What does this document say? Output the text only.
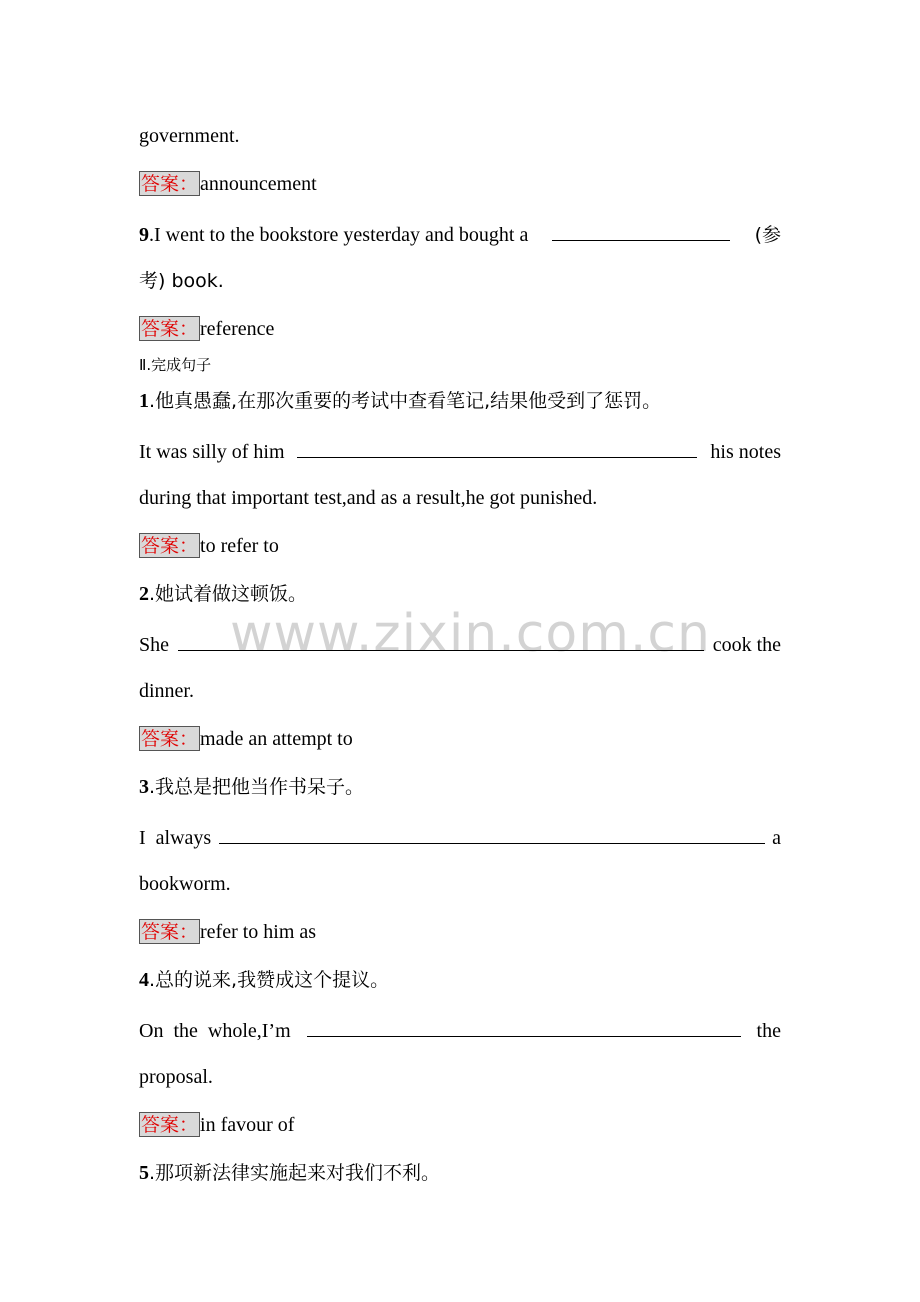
www.zixin.com.cn
government.
答案： announcement
9.I went to the bookstore yesterday and bought a	(参
考) book.
答案： reference
Ⅱ.完成句子
1.他真愚蠢,在那次重要的考试中查看笔记,结果他受到了惩罚。
It was silly of him	his notes
during that important test,and as a result,he got punished.
答案： to refer to
2.她试着做这顿饭。
She	cook the
dinner.
答案： made an attempt to
3.我总是把他当作书呆子。
I  always	a
bookworm.
答案： refer to him as
4.总的说来,我赞成这个提议。
On  the  whole,I’m	the
proposal.
答案： in favour of
5.那项新法律实施起来对我们不利。
